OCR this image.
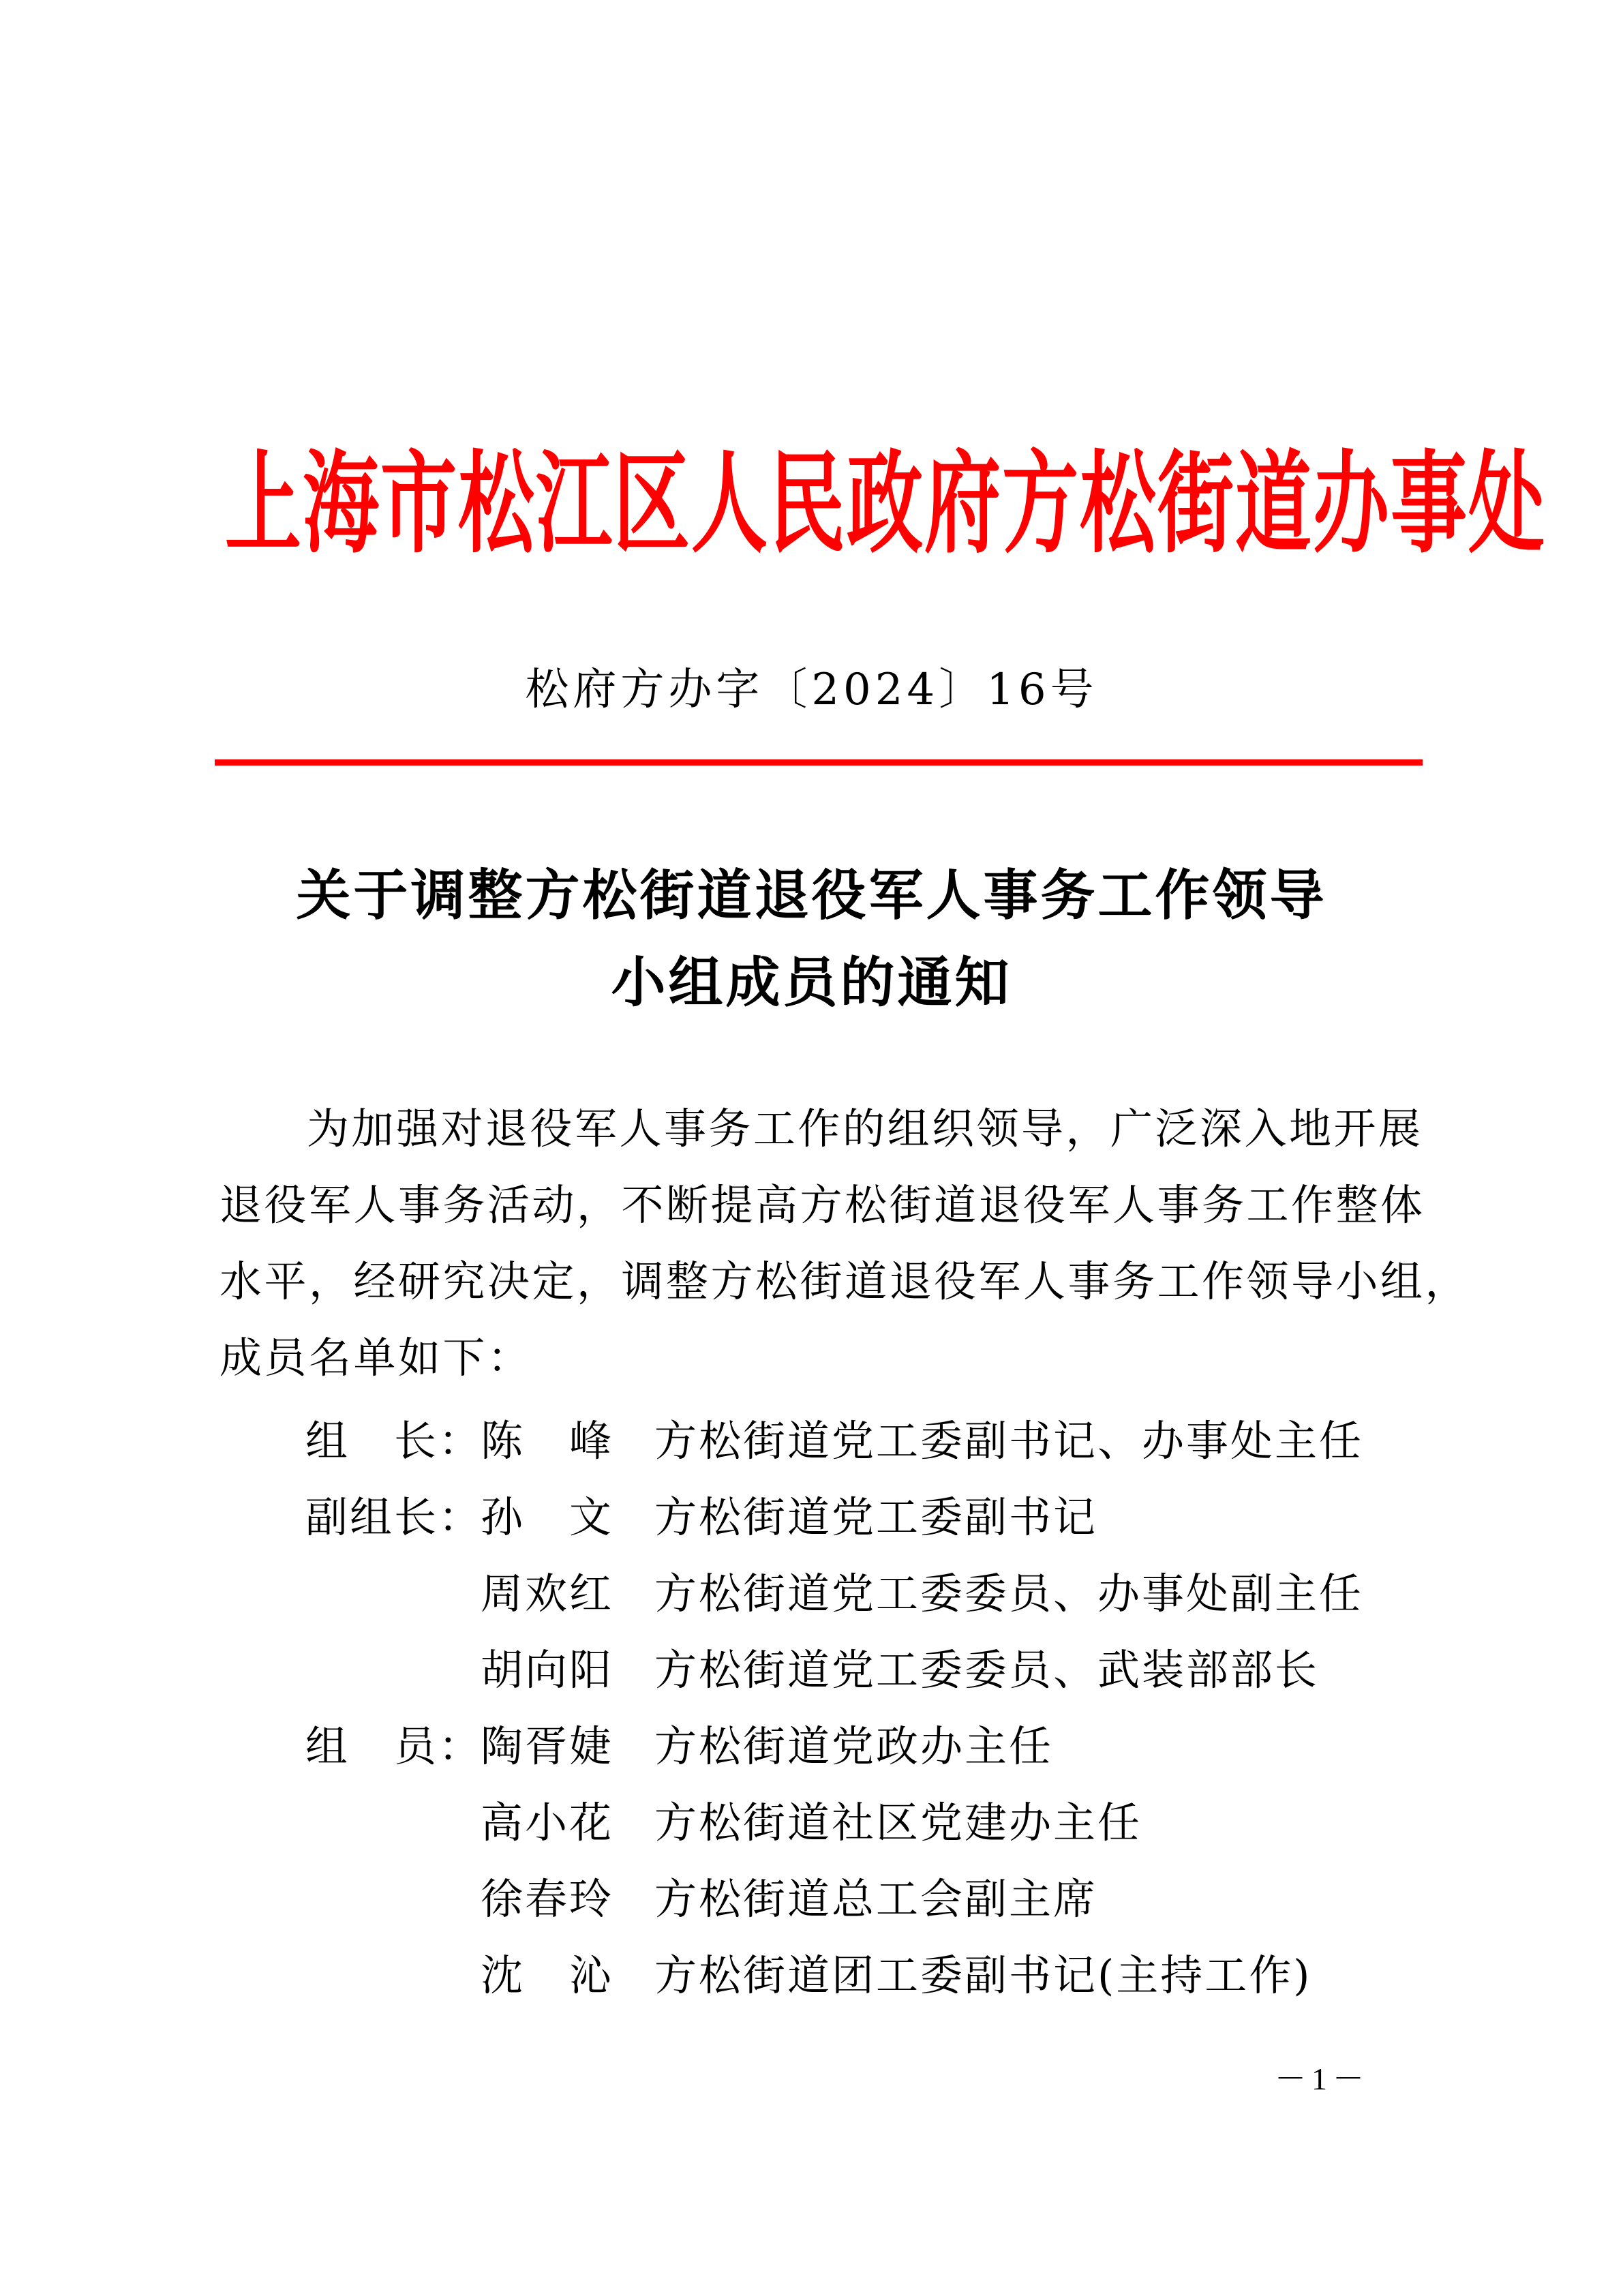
上海市松江区人民政府方松街道办事处
松府方办字〔2024〕16号
关于调整方松街道退役军人事务工作领导
小组成员的通知
为加强对退役军人事务工作的组织领导，广泛深入地开展
退役军人事务活动，不断提高方松街道退役军人事务工作整体
水平，经研究决定，调整方松街道退役军人事务工作领导小组，
成员名单如下：
组　长：
陈　峰 方松街道党工委副书记、办事处主任
副组长：
孙　文 方松街道党工委副书记
周欢红 方松街道党工委委员、办事处副主任
胡向阳 方松街道党工委委员、武装部部长
组　员：
陶胥婕 方松街道党政办主任
高小花 方松街道社区党建办主任
徐春玲 方松街道总工会副主席
沈　沁 方松街道团工委副书记(主持工作)
－1－
